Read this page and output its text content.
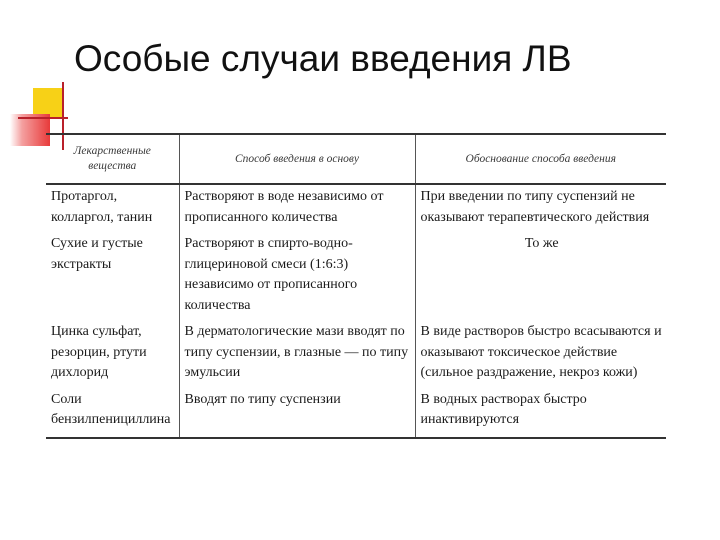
Особые случаи введения ЛВ
Лекарственные вещества	Способ введения в основу	Обоснование способа введения
Протаргол, колларгол, танин	Растворяют в воде независимо от прописанного количества	При введении по типу суспензий не оказывают терапевтического действия
Сухие и густые экстракты	Растворяют в спирто-водно-глицериновой смеси (1:6:3) независимо от прописанного количества	То же
Цинка сульфат, резорцин, ртути дихлорид	В дерматологические мази вводят по типу суспензии, в глазные — по типу эмульсии	В виде растворов быстро всасываются и оказывают токсическое действие (сильное раздражение, некроз кожи)
Соли бензилпенициллина	Вводят по типу суспензии	В водных растворах быстро инактивируются
